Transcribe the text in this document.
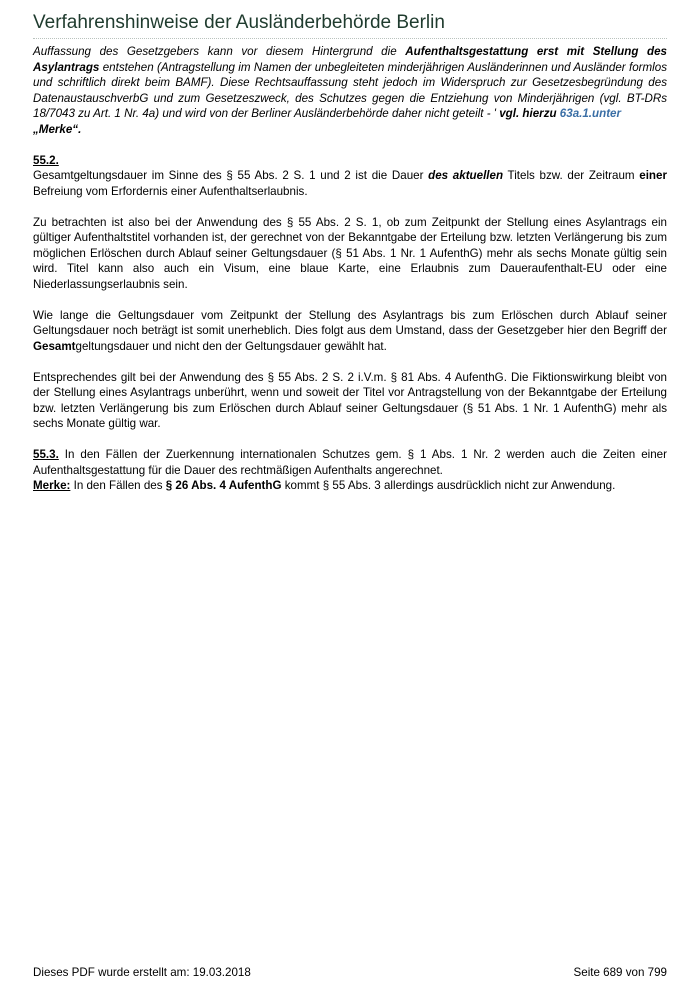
Verfahrenshinweise der Ausländerbehörde Berlin

Auffassung des Gesetzgebers kann vor diesem Hintergrund die Aufenthaltsgestattung erst mit Stellung des Asylantrags entstehen (Antragstellung im Namen der unbegleiteten minderjährigen Ausländerinnen und Ausländer formlos und schriftlich direkt beim BAMF). Diese Rechtsauffassung steht jedoch im Widerspruch zur Gesetzesbegründung des DatenaustauschverbG und zum Gesetzeszweck, des Schutzes gegen die Entziehung von Minderjährigen (vgl. BT-DRs 18/7043 zu Art. 1 Nr. 4a) und wird von der Berliner Ausländerbehörde daher nicht geteilt - ' vgl. hierzu 63a.1.unter
„Merke“.

55.2.

Gesamtgeltungsdauer im Sinne des § 55 Abs. 2 S. 1 und 2 ist die Dauer des aktuellen Titels bzw. der Zeitraum einer Befreiung vom Erfordernis einer Aufenthaltserlaubnis.

Zu betrachten ist also bei der Anwendung des § 55 Abs. 2 S. 1, ob zum Zeitpunkt der Stellung eines Asylantrags ein gültiger Aufenthaltstitel vorhanden ist, der gerechnet von der Bekanntgabe der Erteilung bzw. letzten Verlängerung bis zum möglichen Erlöschen durch Ablauf seiner Geltungsdauer (§ 51 Abs. 1 Nr. 1 AufenthG) mehr als sechs Monate gültig sein wird. Titel kann also auch ein Visum, eine blaue Karte, eine Erlaubnis zum Daueraufenthalt-EU oder eine Niederlassungserlaubnis sein.

Wie lange die Geltungsdauer vom Zeitpunkt der Stellung des Asylantrags bis zum Erlöschen durch Ablauf seiner Geltungsdauer noch beträgt ist somit unerheblich. Dies folgt aus dem Umstand, dass der Gesetzgeber hier den Begriff der Gesamtgeltungsdauer und nicht den der Geltungsdauer gewählt hat.

Entsprechendes gilt bei der Anwendung des § 55 Abs. 2 S. 2 i.V.m. § 81 Abs. 4 AufenthG. Die Fiktionswirkung bleibt von der Stellung eines Asylantrags unberührt, wenn und soweit der Titel vor Antragstellung von der Bekanntgabe der Erteilung bzw. letzten Verlängerung bis zum Erlöschen durch Ablauf seiner Geltungsdauer (§ 51 Abs. 1 Nr. 1 AufenthG) mehr als sechs Monate gültig war.

55.3. In den Fällen der Zuerkennung internationalen Schutzes gem. § 1 Abs. 1 Nr. 2 werden auch die Zeiten einer Aufenthaltsgestattung für die Dauer des rechtmäßigen Aufenthalts angerechnet.

Merke: In den Fällen des § 26 Abs. 4 AufenthG kommt § 55 Abs. 3 allerdings ausdrücklich nicht zur Anwendung.

Dieses PDF wurde erstellt am: 19.03.2018	Seite 689 von 799
